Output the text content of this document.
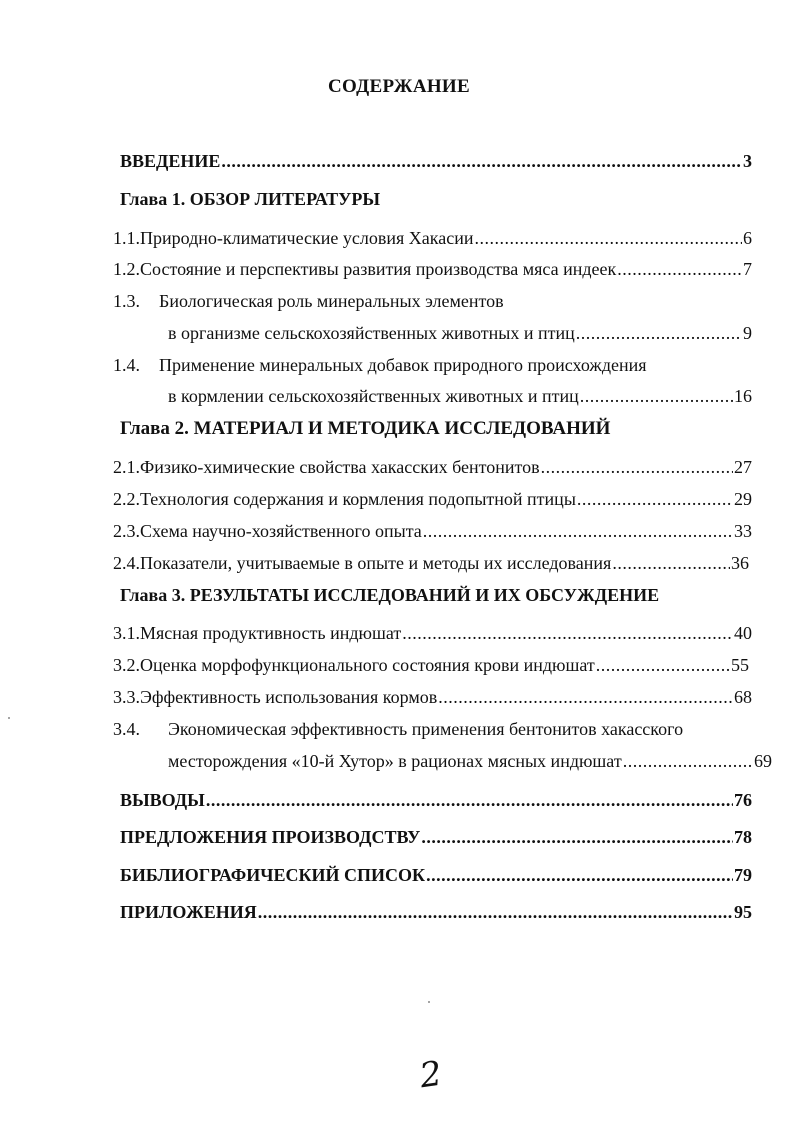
СОДЕРЖАНИЕ
ВВЕДЕНИЕ .....	3
Глава 1. ОБЗОР ЛИТЕРАТУРЫ
1.1. Природно-климатические условия Хакасии .....	6
1.2. Состояние и перспективы развития производства мяса индеек .....	7
1.3. Биологическая роль минеральных элементов
в организме сельскохозяйственных животных и птиц .....	9
1.4. Применение минеральных добавок природного происхождения
в кормлении сельскохозяйственных животных и птиц .....	16
Глава 2. МАТЕРИАЛ И МЕТОДИКА ИССЛЕДОВАНИЙ
2.1. Физико-химические свойства хакасских бентонитов .....	27
2.2. Технология содержания и кормления подопытной птицы .....	29
2.3. Схема научно-хозяйственного опыта .....	33
2.4. Показатели, учитываемые в опыте и методы их исследования .....	36
Глава 3. РЕЗУЛЬТАТЫ ИССЛЕДОВАНИЙ И ИХ ОБСУЖДЕНИЕ
3.1. Мясная продуктивность индюшат .....	40
3.2. Оценка морфофункционального состояния крови индюшат .....	55
3.3. Эффективность использования кормов .....	68
3.4. Экономическая эффективность применения бентонитов хакасского
месторождения «10-й Хутор» в рационах мясных индюшат .....	69
ВЫВОДЫ .....	76
ПРЕДЛОЖЕНИЯ ПРОИЗВОДСТВУ .....	78
БИБЛИОГРАФИЧЕСКИЙ СПИСОК .....	79
ПРИЛОЖЕНИЯ .....	95
2
